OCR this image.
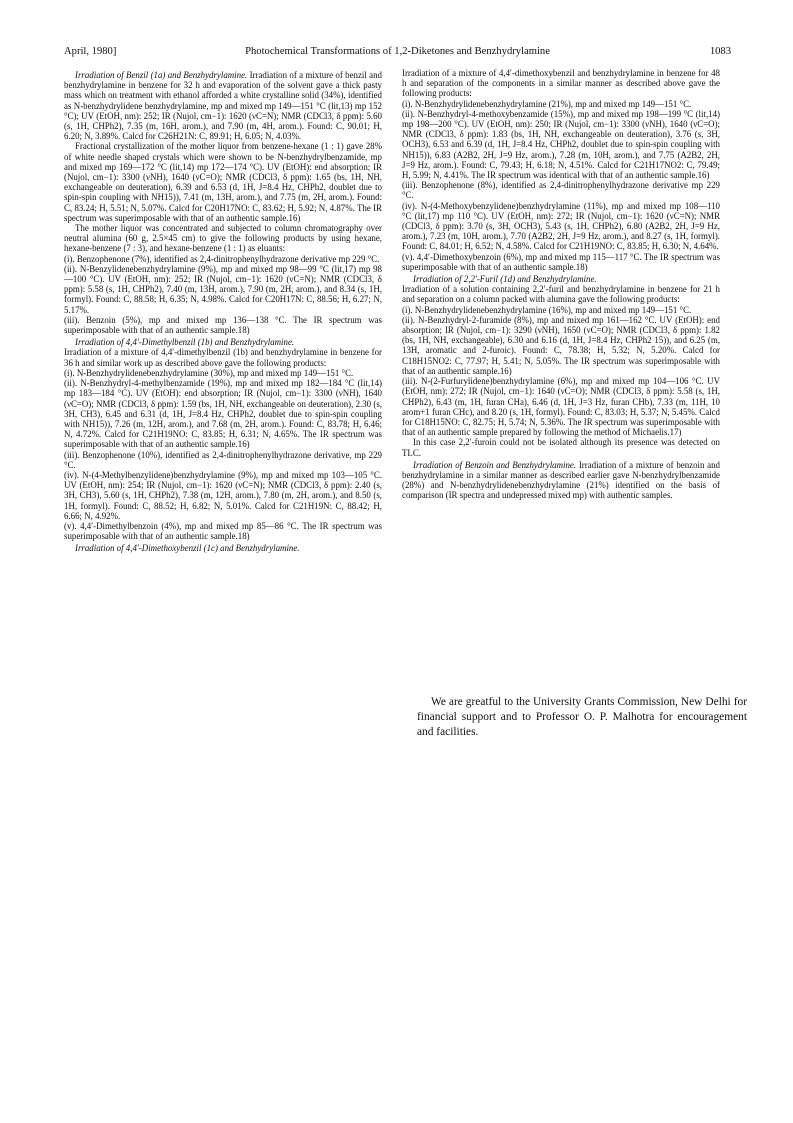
April, 1980]	Photochemical Transformations of 1,2-Diketones and Benzhydrylamine	1083

Irradiation of Benzil (1a) and Benzhydrylamine. Irradiation of a mixture of benzil and benzhydrylamine in benzene for 32 h and evaporation of the solvent gave a thick pasty mass which on treatment with ethanol afforded a white crystalline solid (34%), identified as N-benzhydrylidene benzhydrylamine, mp and mixed mp 149—151 °C (lit,13) mp 152 °C); UV (EtOH, nm): 252; IR (Nujol, cm−1): 1620 (νC=N); NMR (CDCl3, δ ppm): 5.60 (s, 1H, CHPh2), 7.35 (m, 16H, arom.), and 7.90 (m, 4H, arom.). Found: C, 90.01; H, 6.20; N, 3.89%. Calcd for C26H21N: C, 89.91; H, 6.05; N, 4.03%.

Fractional crystallization of the mother liquor from benzene-hexane (1 : 1) gave 28% of white needle shaped crystals which were shown to be N-benzhydrylbenzamide, mp and mixed mp 169—172 °C (lit,14) mp 172—174 °C). UV (EtOH): end absorption; IR (Nujol, cm−1): 3300 (νNH), 1640 (νC=O); NMR (CDCl3, δ ppm): 1.65 (bs, 1H, NH, exchangeable on deuteration), 6.39 and 6.53 (d, 1H, J=8.4 Hz, CHPh2, doublet due to spin-spin coupling with NH15)), 7.41 (m, 13H, arom.), and 7.75 (m, 2H, arom.). Found: C, 83.24; H, 5.51; N, 5.07%. Calcd for C20H17NO: C, 83.62; H, 5.92; N, 4.87%. The IR spectrum was superimposable with that of an authentic sample.16)

The mother liquor was concentrated and subjected to column chromatography over neutral alumina (60 g, 2.5×45 cm) to give the following products by using hexane, hexane-benzene (7 : 3), and hexane-benzene (1 : 1) as eluants:

(i). Benzophenone (7%), identified as 2,4-dinitrophenylhydrazone derivative mp 229 °C.

(ii). N-Benzylidenebenzhydrylamine (9%), mp and mixed mp 98—99 °C (lit,17) mp 98—100 °C). UV (EtOH, nm): 252; IR (Nujol, cm−1): 1620 (νC=N); NMR (CDCl3, δ ppm): 5.58 (s, 1H, CHPh2), 7.40 (m, 13H, arom.), 7.90 (m, 2H, arom.), and 8.34 (s, 1H, formyl). Found: C, 88.58; H, 6.35; N, 4.98%. Calcd for C20H17N: C, 88.56; H, 6.27; N, 5.17%.

(iii). Benzoin (5%), mp and mixed mp 136—138 °C. The IR spectrum was superimposable with that of an authentic sample.18)

Irradiation of 4,4′-Dimethylbenzil (1b) and Benzhydrylamine.

Irradiation of a mixture of 4,4′-dimethylbenzil (1b) and benzhydrylamine in benzene for 36 h and similar work up as described above gave the following products:

(i). N-Benzhydrylidenebenzhydrylamine (30%), mp and mixed mp 149—151 °C.

(ii). N-Benzhydryl-4-methylbenzamide (19%), mp and mixed mp 182—184 °C (lit,14) mp 183—184 °C). UV (EtOH): end absorption; IR (Nujol, cm−1): 3300 (νNH), 1640 (νC=O); NMR (CDCl3, δ ppm): 1.59 (bs, 1H, NH, exchangeable on deuteration), 2.30 (s, 3H, CH3), 6.45 and 6.31 (d, 1H, J=8.4 Hz, CHPh2, doublet due to spin-spin coupling with NH15)), 7.26 (m, 12H, arom.), and 7.68 (m, 2H, arom.). Found: C, 83.78; H, 6.46; N, 4.72%. Calcd for C21H19NO: C, 83.85; H, 6.31; N, 4.65%. The IR spectrum was superimposable with that of an authentic sample.16)

(iii). Benzophenone (10%), identified as 2,4-dinitrophenylhydrazone derivative, mp 229 °C.

(iv). N-(4-Methylbenzylidene)benzhydrylamine (9%), mp and mixed mp 103—105 °C. UV (EtOH, nm): 254; IR (Nujol, cm−1): 1620 (νC=N); NMR (CDCl3, δ ppm): 2.40 (s, 3H, CH3), 5.60 (s, 1H, CHPh2), 7.38 (m, 12H, arom.), 7.80 (m, 2H, arom.), and 8.50 (s, 1H, formyl). Found: C, 88.52; H, 6.82; N, 5.01%. Calcd for C21H19N: C, 88.42; H, 6.66; N, 4.92%.

(v). 4,4′-Dimethylbenzoin (4%), mp and mixed mp 85—86 °C. The IR spectrum was superimposable with that of an authentic sample.18)

Irradiation of 4,4′-Dimethoxybenzil (1c) and Benzhydrylamine.

Irradiation of a mixture of 4,4′-dimethoxybenzil and benzhydrylamine in benzene for 48 h and separation of the components in a similar manner as described above gave the following products:

(i). N-Benzhydrylidenebenzhydrylamine (21%), mp and mixed mp 149—151 °C.

(ii). N-Benzhydryl-4-methoxybenzamide (15%), mp and mixed mp 198—199 °C (lit,14) mp 198—200 °C). UV (EtOH, nm): 250; IR (Nujol, cm−1): 3300 (νNH), 1640 (νC=O); NMR (CDCl3, δ ppm): 1.83 (bs, 1H, NH, exchangeable on deuteration), 3.76 (s, 3H, OCH3), 6.53 and 6.39 (d, 1H, J=8.4 Hz, CHPh2, doublet due to spin-spin coupling with NH15)), 6.83 (A2B2, 2H, J=9 Hz, arom.), 7.28 (m, 10H, arom.), and 7.75 (A2B2, 2H, J=9 Hz, arom.). Found: C, 79.43; H, 6.18; N, 4.51%. Calcd for C21H17NO2: C, 79.49; H, 5.99; N, 4.41%. The IR spectrum was identical with that of an authentic sample.16)

(iii). Benzophenone (8%), identified as 2,4-dinitrophenylhydrazone derivative mp 229 °C.

(iv). N-(4-Methoxybenzylidene)benzhydrylamine (11%), mp and mixed mp 108—110 °C (lit,17) mp 110 °C). UV (EtOH, nm): 272; IR (Nujol, cm−1): 1620 (νC=N); NMR (CDCl3, δ ppm): 3.70 (s, 3H, OCH3), 5.43 (s, 1H, CHPh2), 6.80 (A2B2, 2H, J=9 Hz, arom.), 7.23 (m, 10H, arom.), 7.70 (A2B2, 2H, J=9 Hz, arom.), and 8.27 (s, 1H, formyl). Found: C, 84.01; H, 6.52; N, 4.58%. Calcd for C21H19NO: C, 83.85; H, 6.30; N, 4.64%.

(v). 4,4′-Dimethoxybenzoin (6%), mp and mixed mp 115—117 °C. The IR spectrum was superimposable with that of an authentic sample.18)

Irradiation of 2,2′-Furil (1d) and Benzhydrylamine.

Irradiation of a solution containing 2,2′-furil and benzhydrylamine in benzene for 21 h and separation on a column packed with alumina gave the following products:

(i). N-Benzhydrylidenebenzhydrylamine (16%), mp and mixed mp 149—151 °C.

(ii). N-Benzhydryl-2-furamide (8%), mp and mixed mp 161—162 °C. UV (EtOH): end absorption; IR (Nujol, cm−1): 3290 (νNH), 1650 (νC=O); NMR (CDCl3, δ ppm): 1.82 (bs, 1H, NH, exchangeable), 6.30 and 6.16 (d, 1H, J=8.4 Hz, CHPh2 15)), and 6.25 (m, 13H, aromatic and 2-furoic). Found: C, 78.38; H, 5.32; N, 5.20%. Calcd for C18H15NO2: C, 77.97; H, 5.41; N, 5.05%. The IR spectrum was superimposable with that of an authentic sample.16)

(iii). N-(2-Furfurylidene)benzhydrylamine (6%), mp and mixed mp 104—106 °C. UV (EtOH, nm): 272; IR (Nujol, cm−1): 1640 (νC=O); NMR (CDCl3, δ ppm): 5.58 (s, 1H, CHPh2), 6.43 (m, 1H, furan CHa), 6.46 (d, 1H, J=3 Hz, furan CHb), 7.33 (m, 11H, 10 arom+1 furan CHc), and 8.20 (s, 1H, formyl). Found: C, 83.03; H, 5.37; N, 5.45%. Calcd for C18H15NO: C, 82.75; H, 5.74; N, 5.36%. The IR spectrum was superimposable with that of an authentic sample prepared by following the method of Michaelis.17)

In this case 2,2′-furoin could not be isolated although its presence was detected on TLC.

Irradiation of Benzoin and Benzhydrylamine. Irradiation of a mixture of benzoin and benzhydrylamine in a similar manner as described earlier gave N-benzhydrylbenzamide (28%) and N-benzhydrylidenebenzhydrylamine (21%) identified on the basis of comparison (IR spectra and undepressed mixed mp) with authentic samples.

We are greatful to the University Grants Commission, New Delhi for financial support and to Professor O. P. Malhotra for encouragement and facilities.
